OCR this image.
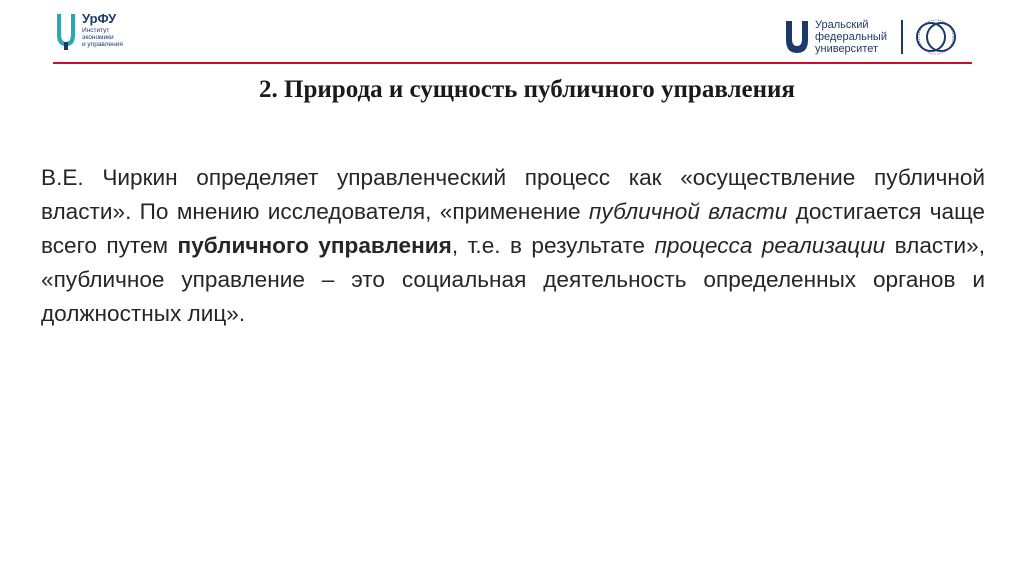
УрФУ
Институт
экономики
и управления
Уральский
федеральный
университет
2. Природа и сущность публичного управления
В.Е. Чиркин определяет управленческий процесс как «осуществление публичной власти». По мнению исследователя, «применение публичной власти достигается чаще всего путем публичного управления, т.е. в результате процесса реализации власти», «публичное управление – это социальная деятельность определенных органов и должностных лиц».
